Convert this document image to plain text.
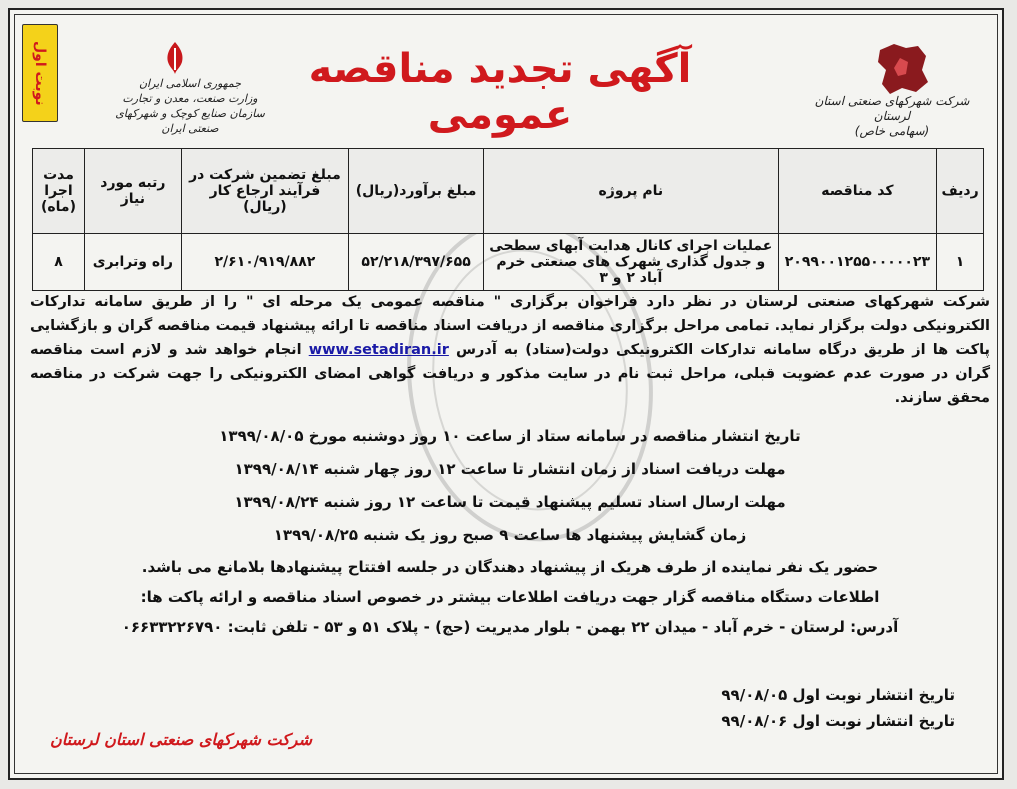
نوبت اول	جمهوری اسلامی ایران
وزارت صنعت، معدن و تجارت
سازمان صنایع کوچک و شهرکهای صنعتی ایران
آگهی تجدید مناقصه عمومی	شرکت شهرکهای صنعتی استان لرستان
(سهامی خاص)
ردیف	کد مناقصه	نام پروژه	مبلغ برآورد(ریال)	مبلغ تضمین شرکت در فرآیند ارجاع کار (ریال)	رتبه مورد نیاز	مدت اجرا (ماه)
۱	۲۰۹۹۰۰۱۲۵۵۰۰۰۰۰۲۳	عملیات اجرای کانال هدایت آبهای سطحی و جدول گذاری شهرک های صنعتی خرم آباد ۲ و ۳	۵۲/۲۱۸/۳۹۷/۶۵۵	۲/۶۱۰/۹۱۹/۸۸۲	راه وترابری	۸
شرکت شهرکهای صنعتی لرستان در نظر دارد فراخوان برگزاری " مناقصه عمومی یک مرحله ای " را از طریق سامانه تدارکات الکترونیکی دولت برگزار نماید. تمامی مراحل برگزاری مناقصه از دریافت اسناد مناقصه تا ارائه پیشنهاد قیمت مناقصه گران و بازگشایی پاکت ها از طریق درگاه سامانه تدارکات الکترونیکی دولت(ستاد) به آدرس www.setadiran.ir انجام خواهد شد و لازم است مناقصه گران در صورت عدم عضویت قبلی، مراحل ثبت نام در سایت مذکور و دریافت گواهی امضای الکترونیکی را جهت شرکت در مناقصه محقق سازند.
تاریخ انتشار مناقصه در سامانه ستاد از ساعت ۱۰ روز دوشنبه مورخ ۱۳۹۹/۰۸/۰۵
مهلت دریافت اسناد از زمان انتشار تا ساعت ۱۲ روز چهار شنبه ۱۳۹۹/۰۸/۱۴
مهلت ارسال اسناد تسلیم پیشنهاد قیمت تا ساعت ۱۲ روز شنبه ۱۳۹۹/۰۸/۲۴
زمان گشایش پیشنهاد ها ساعت ۹ صبح روز یک شنبه ۱۳۹۹/۰۸/۲۵
حضور یک نفر نماینده از طرف هریک از پیشنهاد دهندگان در جلسه افتتاح پیشنهادها بلامانع می باشد.
اطلاعات دستگاه مناقصه گزار جهت دریافت اطلاعات بیشتر در خصوص اسناد مناقصه و ارائه پاکت ها:
آدرس: لرستان - خرم آباد - میدان ۲۲ بهمن - بلوار مدیریت (حج) - پلاک ۵۱ و ۵۳ - تلفن ثابت: ۰۶۶۳۳۲۲۶۷۹۰
تاریخ انتشار نوبت اول ۹۹/۰۸/۰۵
تاریخ انتشار نوبت اول ۹۹/۰۸/۰۶
شرکت شهرکهای صنعتی استان لرستان
